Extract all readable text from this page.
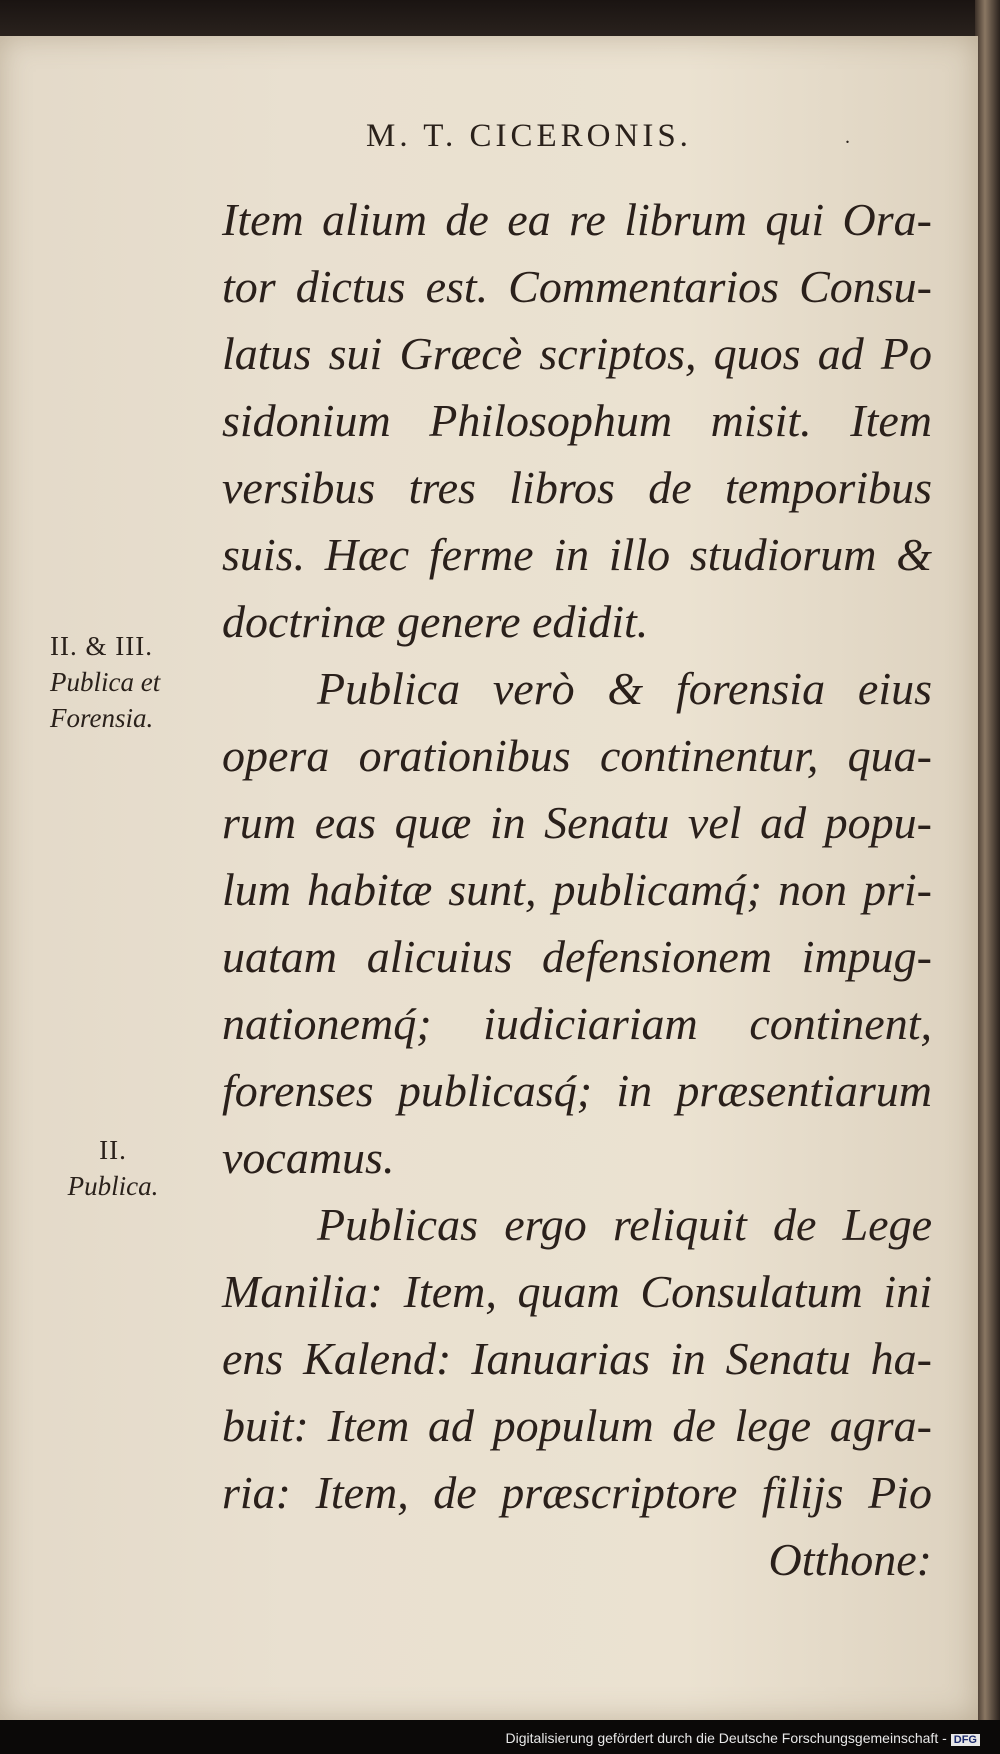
M. T. CICERONIS.	.
Item alium de ea re librum qui Ora-
tor dictus est. Commentarios Consu-
latus sui Græcè scriptos, quos ad Po
sidonium Philosophum misit. Item
versibus tres libros de temporibus
suis. Hæc ferme in illo studiorum &
doctrinæ genere edidit.
Publica verò & forensia eius
opera orationibus continentur, qua-
rum eas quæ in Senatu vel ad popu-
lum habitæ sunt, publicamq́; non pri-
uatam alicuius defensionem impug-
nationemq́; iudiciariam continent,
forenses publicasq́; in præsentiarum
vocamus.
Publicas ergo reliquit de Lege
Manilia: Item, quam Consulatum ini
ens Kalend: Ianuarias in Senatu ha-
buit: Item ad populum de lege agra-
ria: Item, de præscriptore filijs Pio
Otthone:
II. & III.
Publica et
Forensia.
II.
Publica.
Digitalisierung gefördert durch die Deutsche Forschungsgemeinschaft - DFG
